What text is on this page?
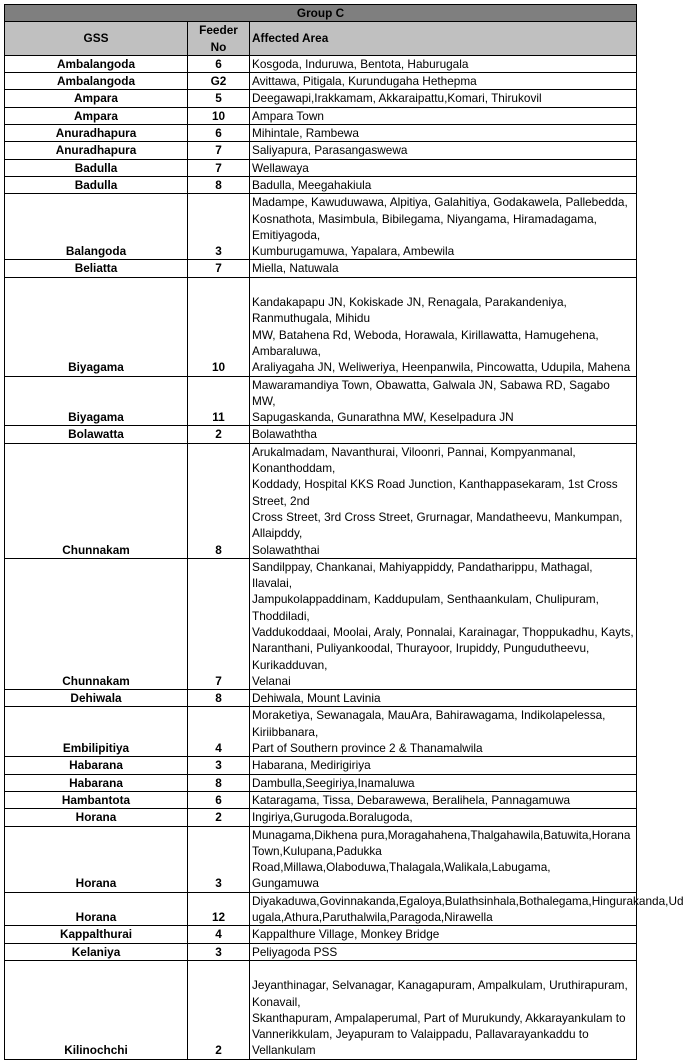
Group C		
GSS	Feeder No	Affected Area
Ambalangoda	6	Kosgoda, Induruwa, Bentota, Haburugala
Ambalangoda	G2	Avittawa, Pitigala, Kurundugaha Hethepma
Ampara	5	Deegawapi,Irakkamam, Akkaraipattu,Komari, Thirukovil
Ampara	10	Ampara Town
Anuradhapura	6	Mihintale, Rambewa
Anuradhapura	7	Saliyapura, Parasangaswewa
Badulla	7	Wellawaya
Badulla	8	Badulla, Meegahakiula
Balangoda	3	Madampe, Kawuduwawa, Alpitiya, Galahitiya, Godakawela, Pallebedda,
Kosnathota, Masimbula, Bibilegama, Niyangama, Hiramadagama, Emitiyagoda,
Kumburugamuwa, Yapalara, Ambewila
Beliatta	7	Miella, Natuwala
Biyagama	10	
Kandakapapu JN, Kokiskade JN, Renagala, Parakandeniya, Ranmuthugala, Mihidu
MW, Batahena Rd, Weboda, Horawala, Kirillawatta, Hamugehena, Ambaraluwa,
Araliyagaha JN, Weliweriya, Heenpanwila, Pincowatta, Udupila, Mahena
Biyagama	11	Mawaramandiya Town, Obawatta, Galwala JN, Sabawa RD, Sagabo MW,
Sapugaskanda, Gunarathna MW, Keselpadura JN
Bolawatta	2	Bolawaththa
Chunnakam	8	Arukalmadam, Navanthurai, Viloonri, Pannai, Kompyanmanal, Konanthoddam,
Koddady, Hospital KKS Road Junction, Kanthappasekaram, 1st Cross Street, 2nd
Cross Street, 3rd Cross Street, Grurnagar, Mandatheevu, Mankumpan, Allaipddy,
Solawaththai
Chunnakam	7	Sandilppay, Chankanai, Mahiyappiddy, Pandatharippu, Mathagal, Ilavalai,
Jampukolappaddinam, Kaddupulam, Senthaankulam, Chulipuram, Thoddiladi,
Vaddukoddaai, Moolai, Araly, Ponnalai, Karainagar, Thoppukadhu, Kayts,
Naranthani, Puliyankoodal, Thurayoor, Irupiddy, Pungudutheevu, Kurikadduvan,
Velanai
Dehiwala	8	Dehiwala, Mount Lavinia
Embilipitiya	4	Moraketiya, Sewanagala, MauAra, Bahirawagama, Indikolapelessa, Kiriibbanara,
Part of Southern province 2 & Thanamalwila
Habarana	3	Habarana, Medirigiriya
Habarana	8	Dambulla,Seegiriya,Inamaluwa
Hambantota	6	Kataragama, Tissa, Debarawewa, Beralihela, Pannagamuwa
Horana	2	Ingiriya,Gurugoda.Boralugoda,
Horana	3	Munagama,Dikhena pura,Moragahahena,Thalgahawila,Batuwita,Horana
Town,Kulupana,Padukka Road,Millawa,Olaboduwa,Thalagala,Walikala,Labugama,
Gungamuwa
Horana	12	Diyakaduwa,Govinnakanda,Egaloya,Bulathsinhala,Bothalegama,Hingurakanda,Ud
ugala,Athura,Paruthalwila,Paragoda,Nirawella
Kappalthurai	4	Kappalthure Village, Monkey Bridge
Kelaniya	3	Peliyagoda PSS
Kilinochchi	2	
Jeyanthinagar, Selvanagar, Kanagapuram, Ampalkulam, Uruthirapuram, Konavail,
Skanthapuram, Ampalaperumal, Part of Murukundy, Akkarayankulam to
Vannerikkulam, Jeyapuram to Valaippadu, Pallavarayankaddu to Vellankulam
